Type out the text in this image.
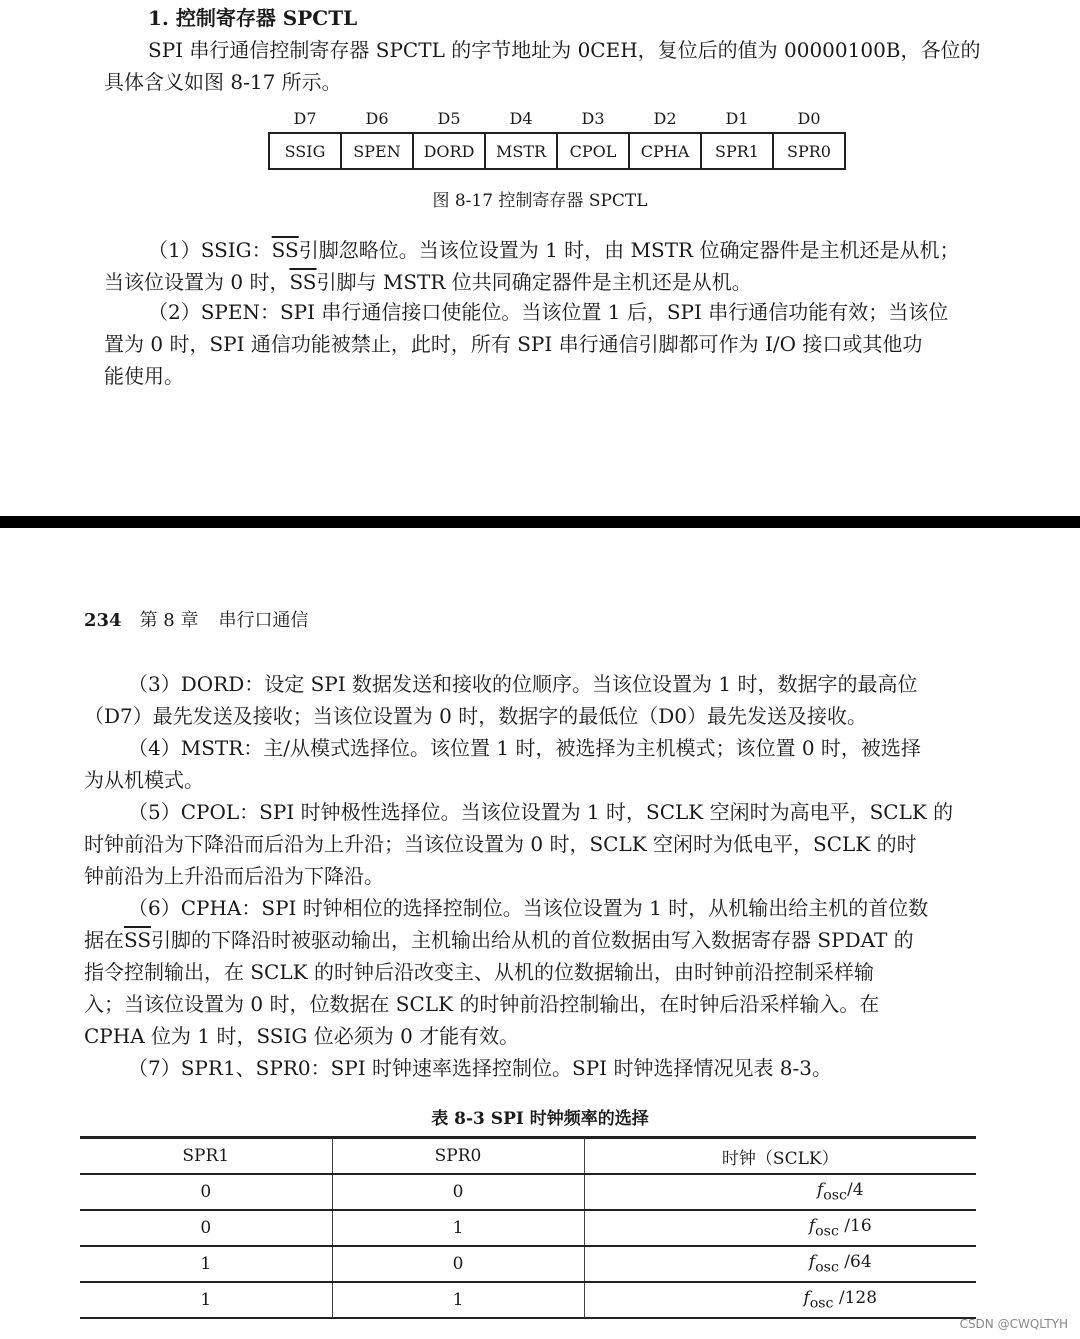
1. 控制寄存器 SPCTL
SPI 串行通信控制寄存器 SPCTL 的字节地址为 0CEH，复位后的值为 00000100B，各位的
具体含义如图 8-17 所示。
D7	D6	D5	D4	D3	D2	D1	D0
SSIG	SPEN	DORD	MSTR	CPOL	CPHA	SPR1	SPR0
图 8-17 控制寄存器 SPCTL
（1）SSIG：$\overline{SS}$引脚忽略位。当该位设置为 1 时，由 MSTR 位确定器件是主机还是从机；
当该位设置为 0 时，$\overline{SS}$引脚与 MSTR 位共同确定器件是主机还是从机。
（2）SPEN：SPI 串行通信接口使能位。当该位置 1 后，SPI 串行通信功能有效；当该位
置为 0 时，SPI 通信功能被禁止，此时，所有 SPI 串行通信引脚都可作为 I/O 接口或其他功
能使用。
234 第 8 章 串行口通信
（3）DORD：设定 SPI 数据发送和接收的位顺序。当该位设置为 1 时，数据字的最高位
（D7）最先发送及接收；当该位设置为 0 时，数据字的最低位（D0）最先发送及接收。
（4）MSTR：主/从模式选择位。该位置 1 时，被选择为主机模式；该位置 0 时，被选择
为从机模式。
（5）CPOL：SPI 时钟极性选择位。当该位设置为 1 时，SCLK 空闲时为高电平，SCLK 的
时钟前沿为下降沿而后沿为上升沿；当该位设置为 0 时，SCLK 空闲时为低电平，SCLK 的时
钟前沿为上升沿而后沿为下降沿。
（6）CPHA：SPI 时钟相位的选择控制位。当该位设置为 1 时，从机输出给主机的首位数
据在$\overline{SS}$引脚的下降沿时被驱动输出，主机输出给从机的首位数据由写入数据寄存器 SPDAT 的
指令控制输出，在 SCLK 的时钟后沿改变主、从机的位数据输出，由时钟前沿控制采样输
入；当该位设置为 0 时，位数据在 SCLK 的时钟前沿控制输出，在时钟后沿采样输入。在
CPHA 位为 1 时，SSIG 位必须为 0 才能有效。
（7）SPR1、SPR0：SPI 时钟速率选择控制位。SPI 时钟选择情况见表 8-3。
表 8-3 SPI 时钟频率的选择
SPR1	SPR0	时钟（SCLK）
0	0	$f_{osc}/4$
0	1	$f_{osc}$ /16
1	0	$f_{osc}$ /64
1	1	$f_{osc}$ /128
CSDN @CWQLTYH
